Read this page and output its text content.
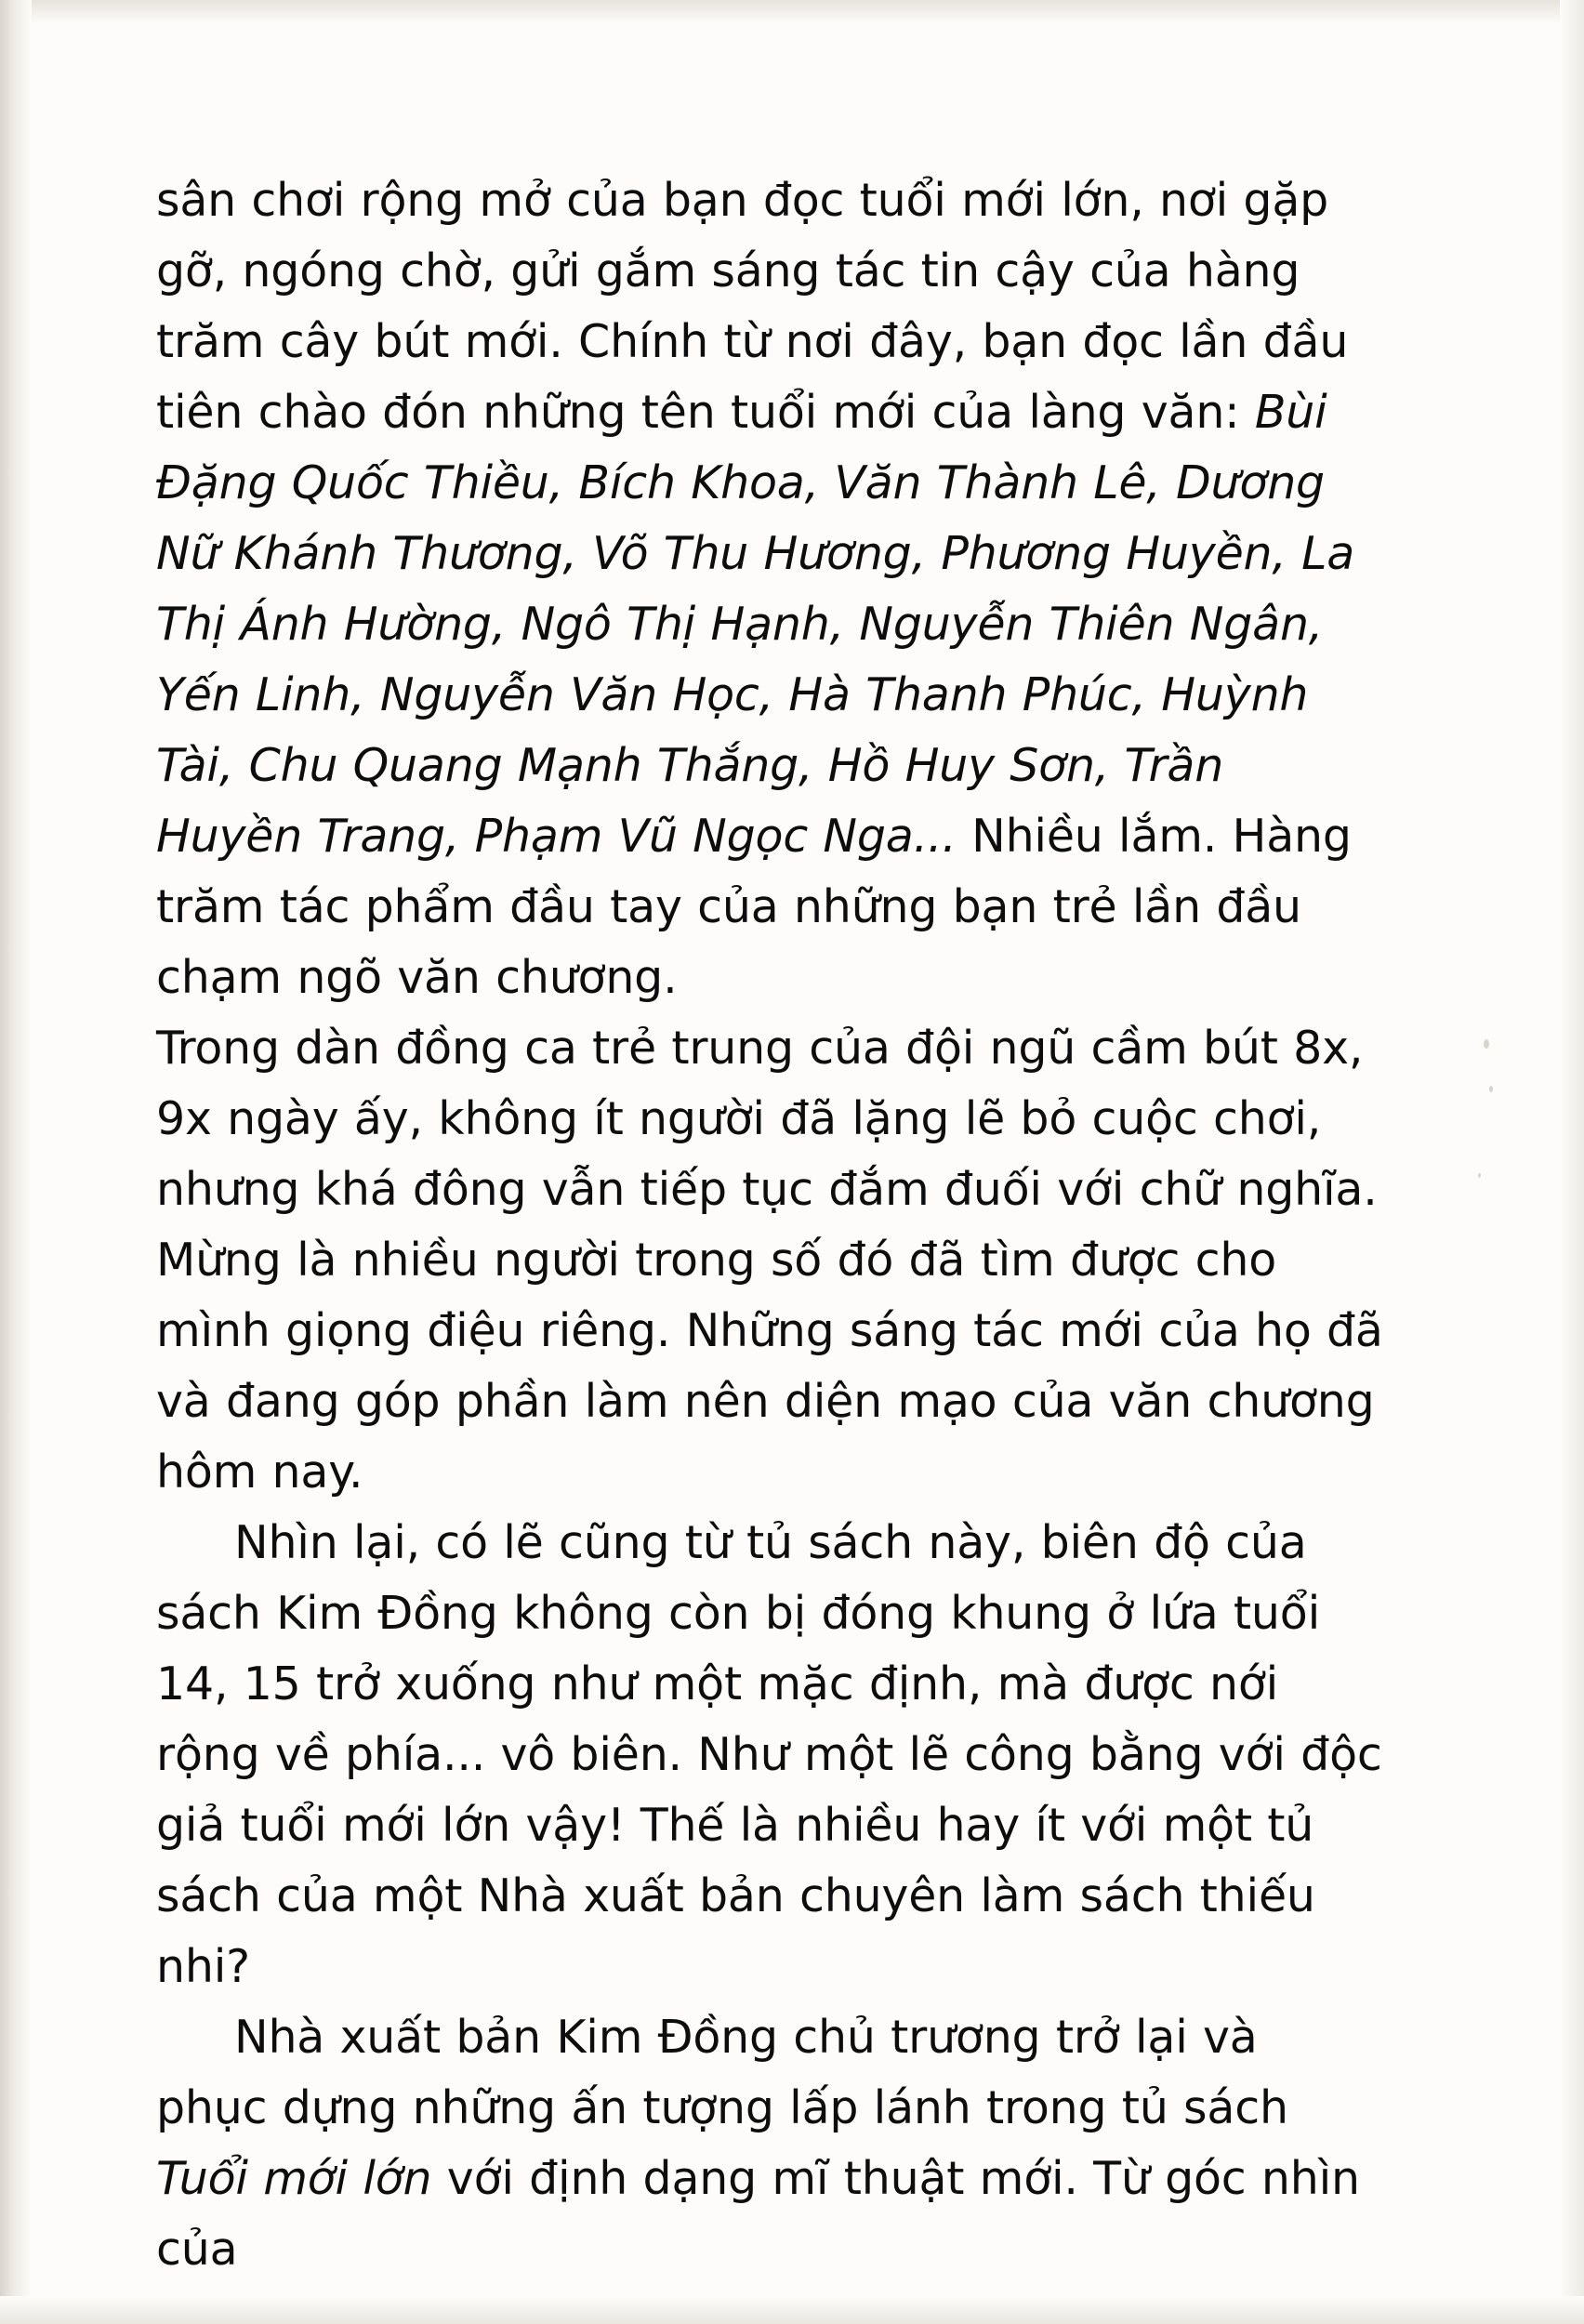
sân chơi rộng mở của bạn đọc tuổi mới lớn, nơi gặp gỡ, ngóng chờ, gửi gắm sáng tác tin cậy của hàng trăm cây bút mới. Chính từ nơi đây, bạn đọc lần đầu tiên chào đón những tên tuổi mới của làng văn: Bùi Đặng Quốc Thiều, Bích Khoa, Văn Thành Lê, Dương Nữ Khánh Thương, Võ Thu Hương, Phương Huyền, La Thị Ánh Hường, Ngô Thị Hạnh, Nguyễn Thiên Ngân, Yến Linh, Nguyễn Văn Học, Hà Thanh Phúc, Huỳnh Tài, Chu Quang Mạnh Thắng, Hồ Huy Sơn, Trần Huyền Trang, Phạm Vũ Ngọc Nga... Nhiều lắm. Hàng trăm tác phẩm đầu tay của những bạn trẻ lần đầu chạm ngõ văn chương.

Trong dàn đồng ca trẻ trung của đội ngũ cầm bút 8x, 9x ngày ấy, không ít người đã lặng lẽ bỏ cuộc chơi, nhưng khá đông vẫn tiếp tục đắm đuối với chữ nghĩa. Mừng là nhiều người trong số đó đã tìm được cho mình giọng điệu riêng. Những sáng tác mới của họ đã và đang góp phần làm nên diện mạo của văn chương hôm nay.

Nhìn lại, có lẽ cũng từ tủ sách này, biên độ của sách Kim Đồng không còn bị đóng khung ở lứa tuổi 14, 15 trở xuống như một mặc định, mà được nới rộng về phía... vô biên. Như một lẽ công bằng với độc giả tuổi mới lớn vậy! Thế là nhiều hay ít với một tủ sách của một Nhà xuất bản chuyên làm sách thiếu nhi?

Nhà xuất bản Kim Đồng chủ trương trở lại và phục dựng những ấn tượng lấp lánh trong tủ sách Tuổi mới lớn với định dạng mĩ thuật mới. Từ góc nhìn của
